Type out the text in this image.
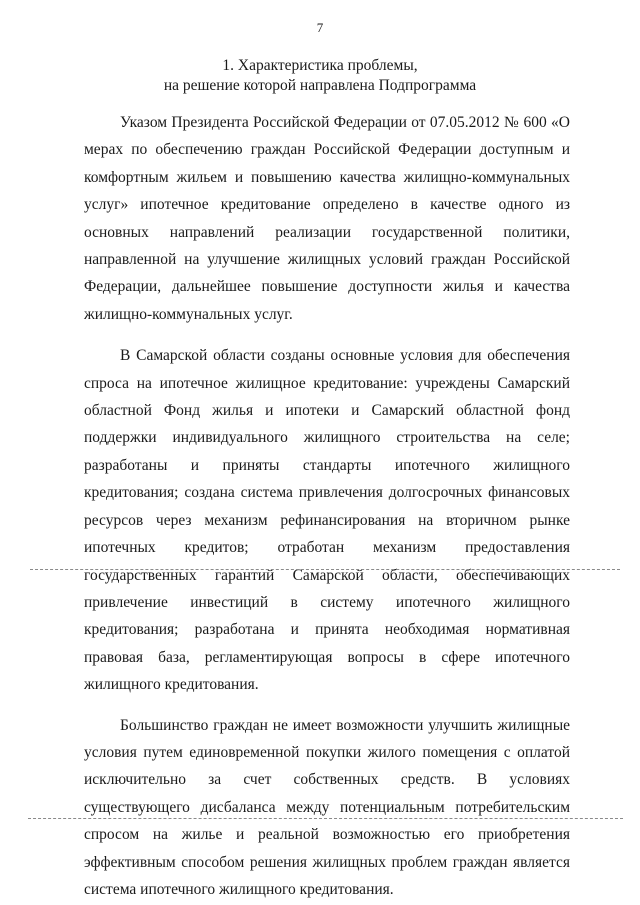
7
1. Характеристика проблемы,
на решение которой направлена Подпрограмма

Указом Президента Российской Федерации от 07.05.2012 № 600 «О мерах по обеспечению граждан Российской Федерации доступным и комфортным жильем и повышению качества жилищно-коммунальных услуг» ипотечное кредитование определено в качестве одного из основных направлений реализации государственной политики, направленной на улучшение жилищных условий граждан Российской Федерации, дальнейшее повышение доступности жилья и качества жилищно-коммунальных услуг.

В Самарской области созданы основные условия для обеспечения спроса на ипотечное жилищное кредитование: учреждены Самарский областной Фонд жилья и ипотеки и Самарский областной фонд поддержки индивидуального жилищного строительства на селе; разработаны и приняты стандарты ипотечного жилищного кредитования; создана система привлечения долгосрочных финансовых ресурсов через механизм рефинансирования на вторичном рынке ипотечных кредитов; отработан механизм предоставления государственных гарантий Самарской области, обеспечивающих привлечение инвестиций в систему ипотечного жилищного кредитования; разработана и принята необходимая нормативная правовая база, регламентирующая вопросы в сфере ипотечного жилищного кредитования.

Большинство граждан не имеет возможности улучшить жилищные условия путем единовременной покупки жилого помещения с оплатой исключительно за счет собственных средств. В условиях существующего дисбаланса между потенциальным потребительским спросом на жилье и реальной возможностью его приобретения эффективным способом решения жилищных проблем граждан является система ипотечного жилищного кредитования.
